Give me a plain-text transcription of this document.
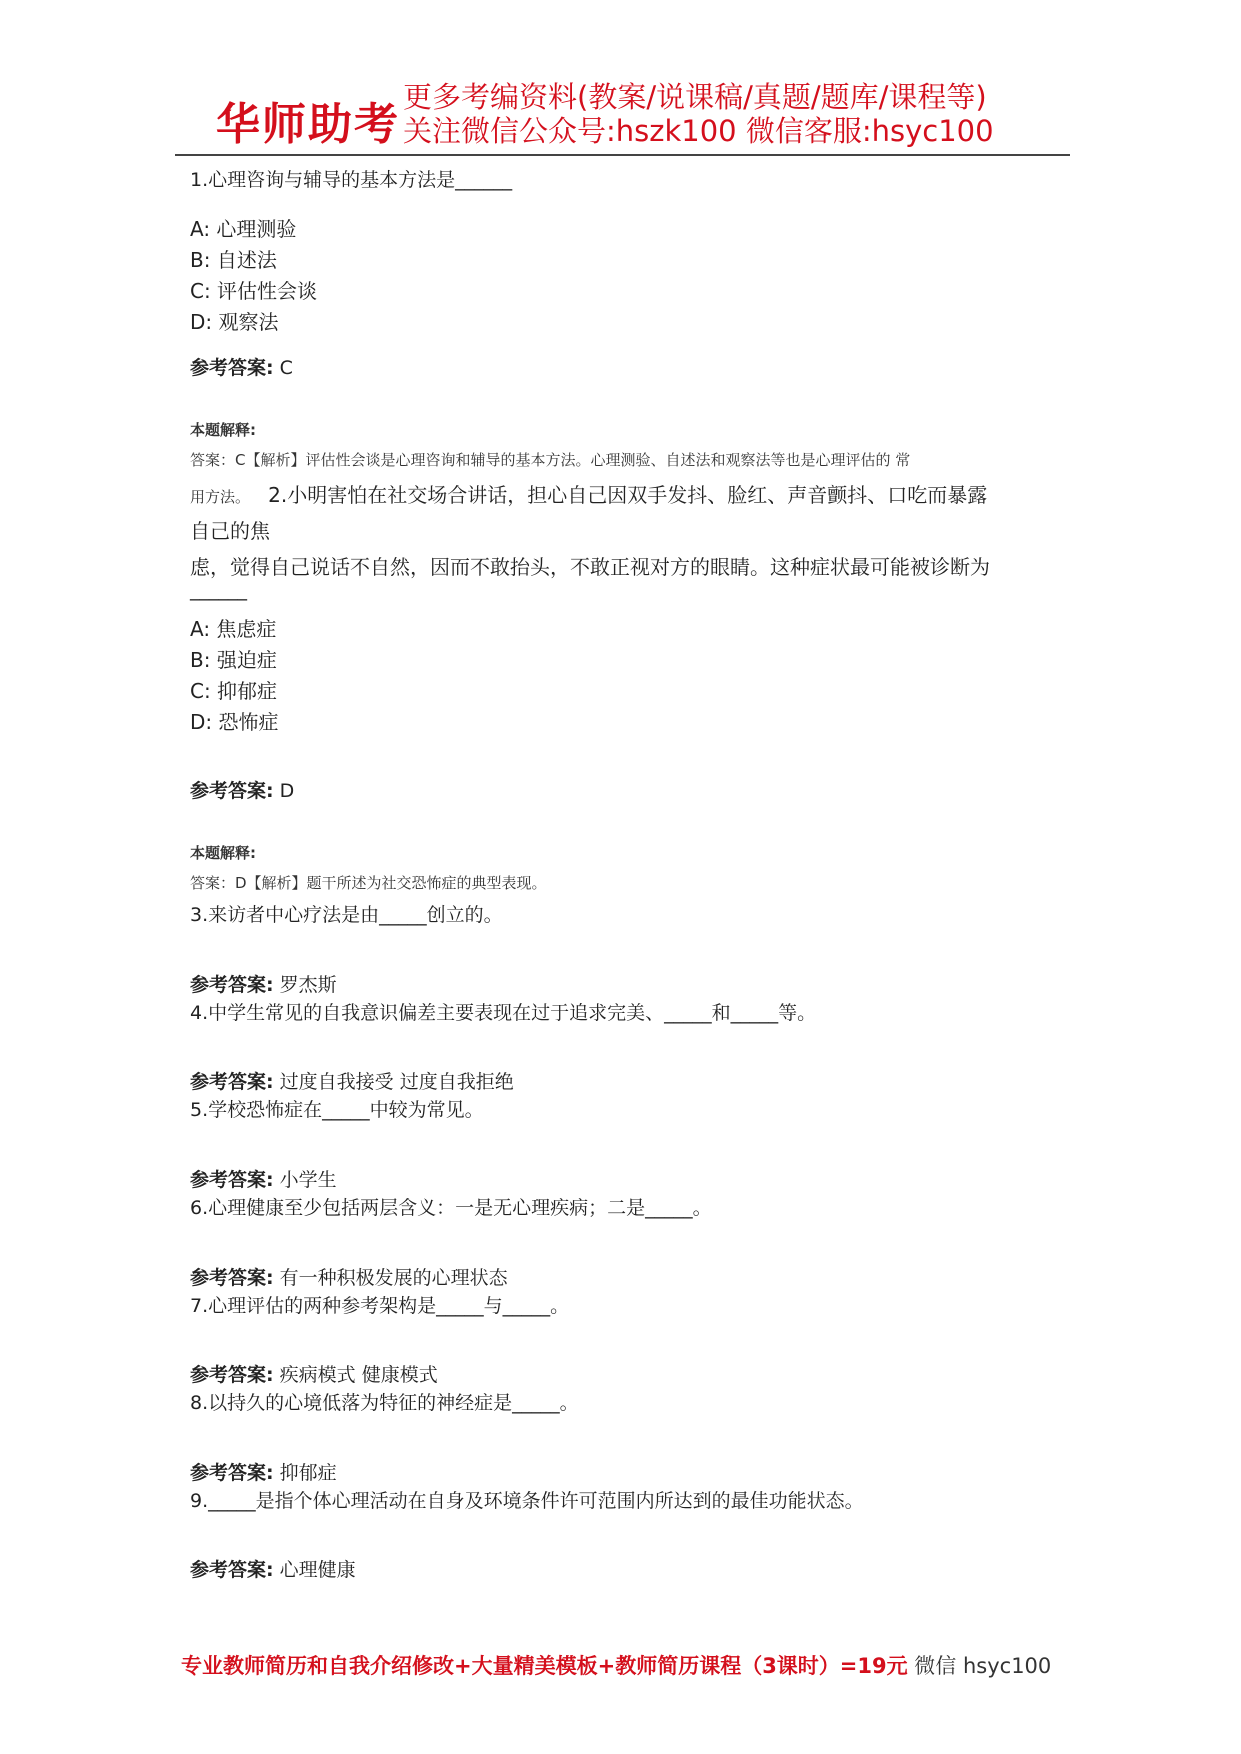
华师助考
更多考编资料(教案/说课稿/真题/题库/课程等)
关注微信公众号:hszk100 微信客服:hsyc100
1.心理咨询与辅导的基本方法是______
A: 心理测验
B: 自述法
C: 评估性会谈
D: 观察法
参考答案: C
本题解释:
答案：C【解析】评估性会谈是心理咨询和辅导的基本方法。心理测验、自述法和观察法等也是心理评估的 常
用方法。 2.小明害怕在社交场合讲话，担心自己因双手发抖、脸红、声音颤抖、口吃而暴露
自己的焦
虑，觉得自己说话不自然，因而不敢抬头，不敢正视对方的眼睛。这种症状最可能被诊断为
______
A: 焦虑症
B: 强迫症
C: 抑郁症
D: 恐怖症
参考答案: D
本题解释:
答案：D【解析】题干所述为社交恐怖症的典型表现。
3.来访者中心疗法是由_____创立的。
参考答案: 罗杰斯
4.中学生常见的自我意识偏差主要表现在过于追求完美、_____和_____等。
参考答案: 过度自我接受 过度自我拒绝
5.学校恐怖症在_____中较为常见。
参考答案: 小学生
6.心理健康至少包括两层含义：一是无心理疾病；二是_____。
参考答案: 有一种积极发展的心理状态
7.心理评估的两种参考架构是_____与_____。
参考答案: 疾病模式 健康模式
8.以持久的心境低落为特征的神经症是_____。
参考答案: 抑郁症
9._____是指个体心理活动在自身及环境条件许可范围内所达到的最佳功能状态。
参考答案: 心理健康
专业教师简历和自我介绍修改+大量精美模板+教师简历课程（3课时）=19元 微信 hsyc100
